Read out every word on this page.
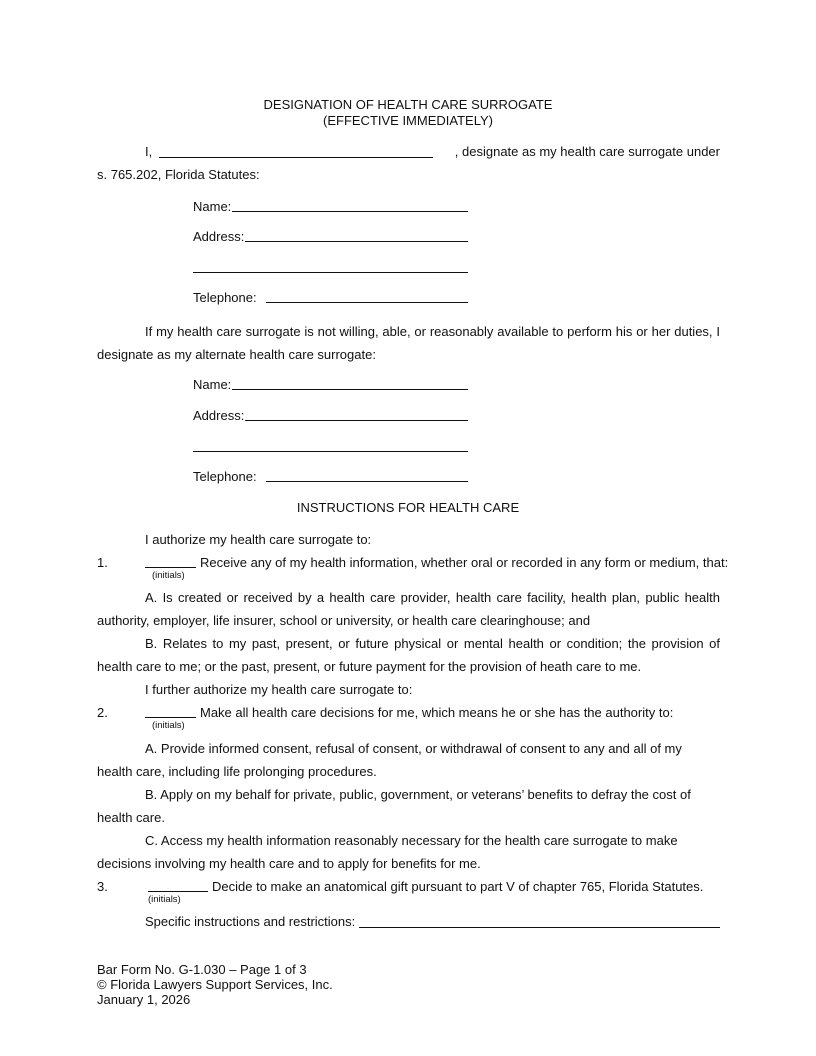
DESIGNATION OF HEALTH CARE SURROGATE
(EFFECTIVE IMMEDIATELY)
I,	, designate as my health care surrogate under
s. 765.202, Florida Statutes:
Name:
Address:
Telephone:
If my health care surrogate is not willing, able, or reasonably available to perform his or her duties, I
designate as my alternate health care surrogate:
Name:
Address:
Telephone:
INSTRUCTIONS FOR HEALTH CARE
I authorize my health care surrogate to:
1.	Receive any of my health information, whether oral or recorded in any form or medium, that:
(initials)
A. Is created or received by a health care provider, health care facility, health plan, public health
authority, employer, life insurer, school or university, or health care clearinghouse; and
B. Relates to my past, present, or future physical or mental health or condition; the provision of
health care to me; or the past, present, or future payment for the provision of heath care to me.
I further authorize my health care surrogate to:
2.	Make all health care decisions for me, which means he or she has the authority to:
(initials)
A. Provide informed consent, refusal of consent, or withdrawal of consent to any and all of my
health care, including life prolonging procedures.
B. Apply on my behalf for private, public, government, or veterans’ benefits to defray the cost of
health care.
C. Access my health information reasonably necessary for the health care surrogate to make
decisions involving my health care and to apply for benefits for me.
3.	Decide to make an anatomical gift pursuant to part V of chapter 765, Florida Statutes.
(initials)
Specific instructions and restrictions:
Bar Form No. G-1.030 – Page 1 of 3
© Florida Lawyers Support Services, Inc.
January 1, 2026
